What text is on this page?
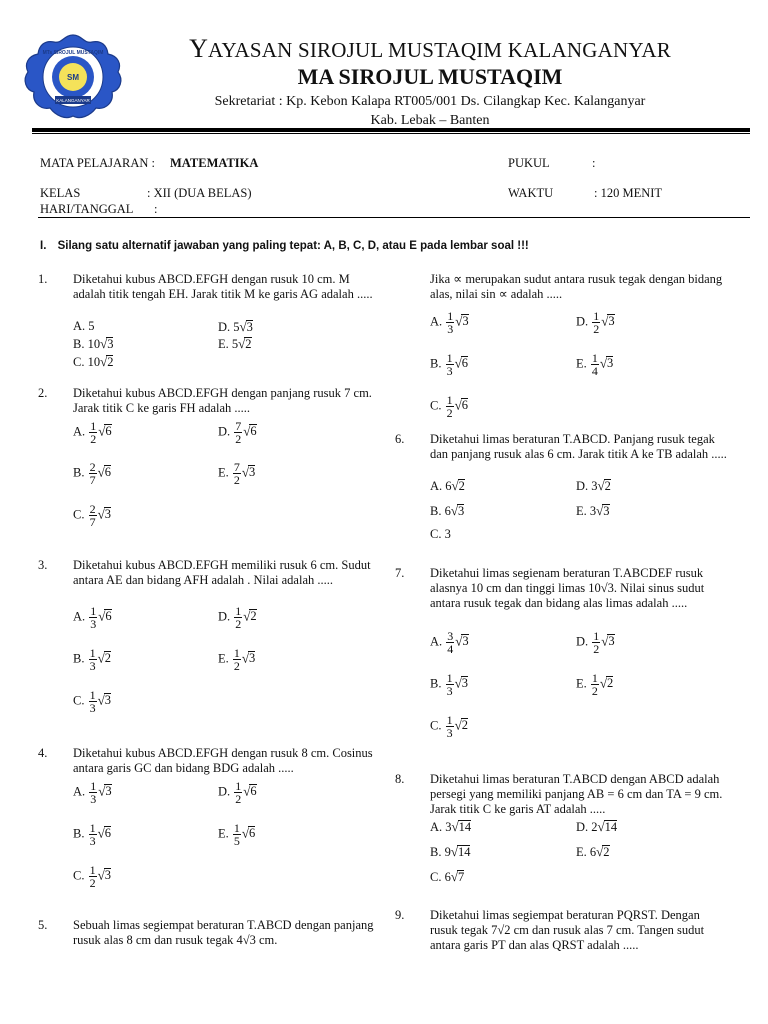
SM
KALANGANYAR
MTs SIROJUL MUSTAQIM	YAYASAN SIROJUL MUSTAQIM KALANGANYAR
MA SIROJUL MUSTAQIM
Sekretariat : Kp. Kebon Kalapa RT005/001 Ds. Cilangkap Kec. Kalanganyar
Kab. Lebak – Banten
MATA PELAJARAN : MATEMATIKA
KELAS	: XII (DUA BELAS)
HARI/TANGGAL :
PUKUL	:
WAKTU	: 120 MENIT
I. Silang satu alternatif jawaban yang paling tepat: A, B, C, D, atau E pada lembar soal !!!
1. Diketahui kubus ABCD.EFGH dengan rusuk 10 cm. M adalah titik tengah EH. Jarak titik M ke garis AG adalah .....
A. 5
B. 10√3
C. 10√2
D. 5√3
E. 5√2
2. Diketahui kubus ABCD.EFGH dengan panjang rusuk 7 cm. Jarak titik C ke garis FH adalah .....
A. $\frac{1}{2} √6$
B. $\frac{2}{7} √6$
C. $\frac{2}{7} √3$
D. $\frac{7}{2} √6$
E. $\frac{7}{2} √3$
3. Diketahui kubus ABCD.EFGH memiliki rusuk 6 cm. Sudut antara AE dan bidang AFH adalah . Nilai adalah .....
A. $\frac{1}{3} √6$
B. $\frac{1}{3} √2$
C. $\frac{1}{3} √3$
D. $\frac{1}{2} √2$
E. $\frac{1}{2} √3$
4. Diketahui kubus ABCD.EFGH dengan rusuk 8 cm. Cosinus antara garis GC dan bidang BDG adalah .....
A. $\frac{1}{3} √3$
B. $\frac{1}{3} √6$
C. $\frac{1}{2} √3$
D. $\frac{1}{2} √6$
E. $\frac{1}{5} √6$
5. Sebuah limas segiempat beraturan T.ABCD dengan panjang rusuk alas 8 cm dan rusuk tegak 4√3 cm.
Jika ∝ merupakan sudut antara rusuk tegak dengan bidang alas, nilai sin ∝ adalah .....
A. $\frac{1}{3} √3$
B. $\frac{1}{3} √6$
C. $\frac{1}{2} √6$
D. $\frac{1}{2} √3$
E. $\frac{1}{4} √3$
6. Diketahui limas beraturan T.ABCD. Panjang rusuk tegak dan panjang rusuk alas 6 cm. Jarak titik A ke TB adalah .....
A. 6√2
B. 6√3
C. 3
D. 3√2
E. 3√3
7. Diketahui limas segienam beraturan T.ABCDEF rusuk alasnya 10 cm dan tinggi limas 10√3. Nilai sinus sudut antara rusuk tegak dan bidang alas limas adalah .....
A. $\frac{3}{4} √3$
B. $\frac{1}{3} √3$
C. $\frac{1}{3} √2$
D. $\frac{1}{2} √3$
E. $\frac{1}{2} √2$
8. Diketahui limas beraturan T.ABCD dengan ABCD adalah persegi yang memiliki panjang AB = 6 cm dan TA = 9 cm. Jarak titik C ke garis AT adalah .....
A. 3√14
B. 9√14
C. 6√7
D. 2√14
E. 6√2
9. Diketahui limas segiempat beraturan PQRST. Dengan rusuk tegak 7√2 cm dan rusuk alas 7 cm. Tangen sudut antara garis PT dan alas QRST adalah .....
